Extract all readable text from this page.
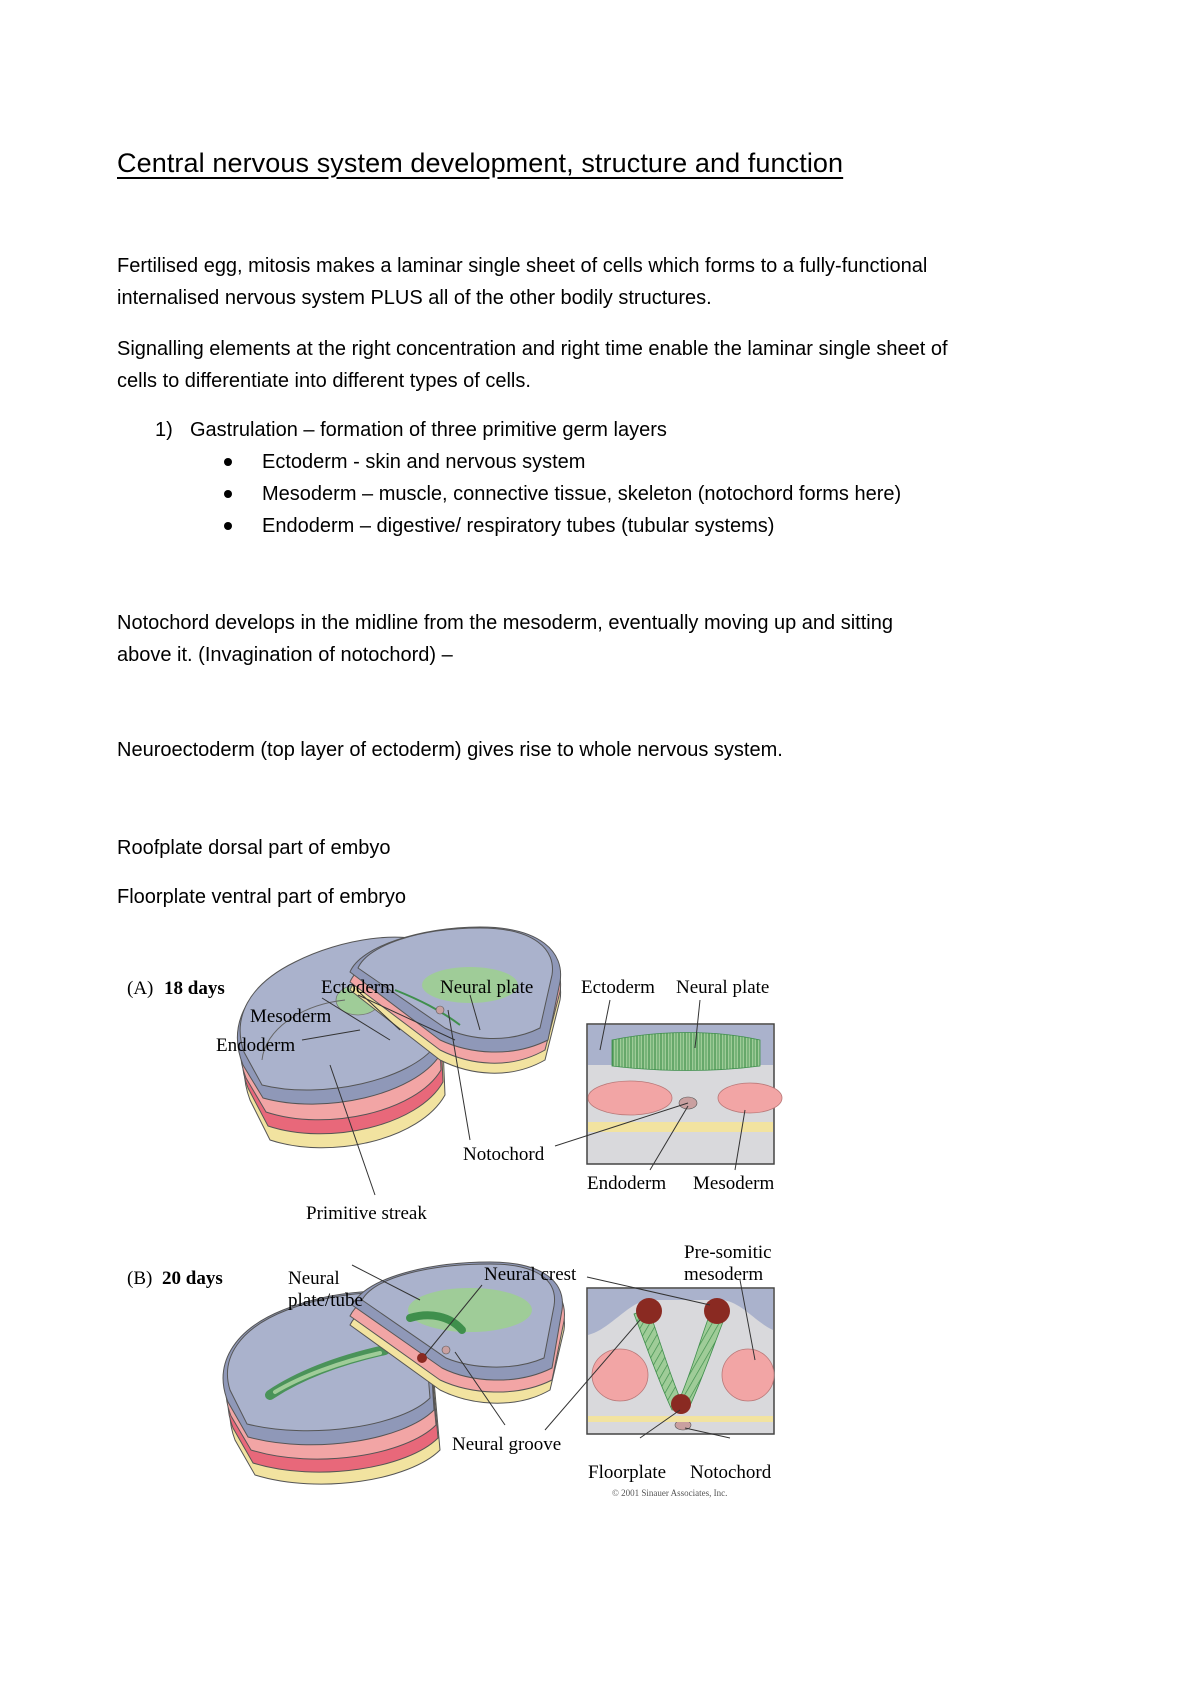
Central nervous system development, structure and function
Fertilised egg, mitosis makes a laminar single sheet of cells which forms to a fully-functional
internalised nervous system PLUS all of the other bodily structures.
Signalling elements at the right concentration and right time enable the laminar single sheet of
cells to differentiate into different types of cells.
1) Gastrulation – formation of three primitive germ layers
Ectoderm - skin and nervous system
Mesoderm – muscle, connective tissue, skeleton (notochord forms here)
Endoderm – digestive/ respiratory tubes (tubular systems)
Notochord develops in the midline from the mesoderm, eventually moving up and sitting
above it. (Invagination of notochord) –
Neuroectoderm (top layer of ectoderm) gives rise to whole nervous system.
Roofplate dorsal part of embyo
Floorplate ventral part of embryo
(A) 18 days	Ectoderm Neural plate
Mesoderm
Endoderm
Notochord
Primitive streak
Ectoderm Neural plate
Endoderm Mesoderm
(B) 20 days	Neural
plate/tube
Neural crest
Pre-somitic
mesoderm
Neural groove
Floorplate Notochord
© 2001 Sinauer Associates, Inc.
